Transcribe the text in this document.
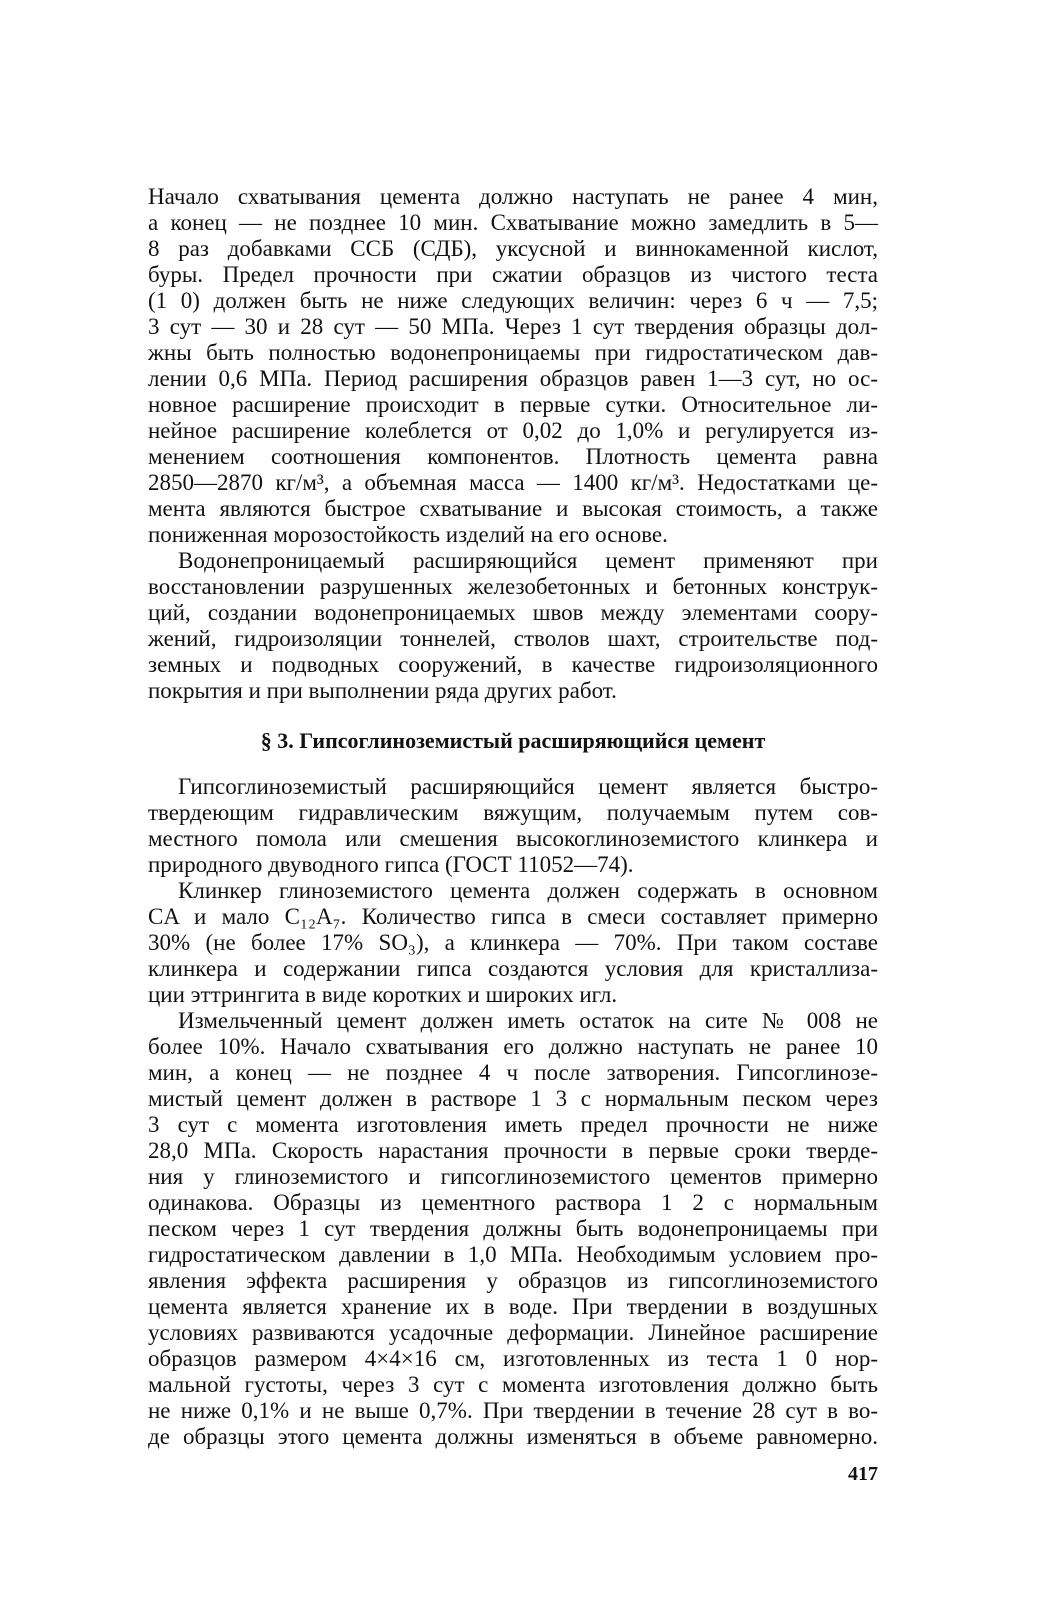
Начало схватывания цемента должно наступать не ранее 4 мин,
а конец — не позднее 10 мин. Схватывание можно замедлить в 5—
8 раз добавками ССБ (СДБ), уксусной и виннокаменной кислот,
буры. Предел прочности при сжатии образцов из чистого теста
(1 0) должен быть не ниже следующих величин: через 6 ч — 7,5;
3 сут — 30 и 28 сут — 50 МПа. Через 1 сут твердения образцы дол-
жны быть полностью водонепроницаемы при гидростатическом дав-
лении 0,6 МПа. Период расширения образцов равен 1—3 сут, но ос-
новное расширение происходит в первые сутки. Относительное ли-
нейное расширение колеблется от 0,02 до 1,0% и регулируется из-
менением соотношения компонентов. Плотность цемента равна
2850—2870 кг/м³, а объемная масса — 1400 кг/м³. Недостатками це-
мента являются быстрое схватывание и высокая стоимость, а также
пониженная морозостойкость изделий на его основе.
Водонепроницаемый расширяющийся цемент применяют при
восстановлении разрушенных железобетонных и бетонных конструк-
ций, создании водонепроницаемых швов между элементами соору-
жений, гидроизоляции тоннелей, стволов шахт, строительстве под-
земных и подводных сооружений, в качестве гидроизоляционного
покрытия и при выполнении ряда других работ.
§ 3. Гипсоглиноземистый расширяющийся цемент
Гипсоглиноземистый расширяющийся цемент является быстро-
твердеющим гидравлическим вяжущим, получаемым путем сов-
местного помола или смешения высокоглиноземистого клинкера и
природного двуводного гипса (ГОСТ 11052—74).
Клинкер глиноземистого цемента должен содержать в основном
CA и мало C₁₂A₇. Количество гипса в смеси составляет примерно
30% (не более 17% SO₃), а клинкера — 70%. При таком составе
клинкера и содержании гипса создаются условия для кристаллиза-
ции эттрингита в виде коротких и широких игл.
Измельченный цемент должен иметь остаток на сите № 008 не
более 10%. Начало схватывания его должно наступать не ранее 10
мин, а конец — не позднее 4 ч после затворения. Гипсоглинозе-
мистый цемент должен в растворе 1 3 с нормальным песком через
3 сут с момента изготовления иметь предел прочности не ниже
28,0 МПа. Скорость нарастания прочности в первые сроки тверде-
ния у глиноземистого и гипсоглиноземистого цементов примерно
одинакова. Образцы из цементного раствора 1 2 с нормальным
песком через 1 сут твердения должны быть водонепроницаемы при
гидростатическом давлении в 1,0 МПа. Необходимым условием про-
явления эффекта расширения у образцов из гипсоглиноземистого
цемента является хранение их в воде. При твердении в воздушных
условиях развиваются усадочные деформации. Линейное расширение
образцов размером 4×4×16 см, изготовленных из теста 1 0 нор-
мальной густоты, через 3 сут с момента изготовления должно быть
не ниже 0,1% и не выше 0,7%. При твердении в течение 28 сут в во-
де образцы этого цемента должны изменяться в объеме равномерно.
417
